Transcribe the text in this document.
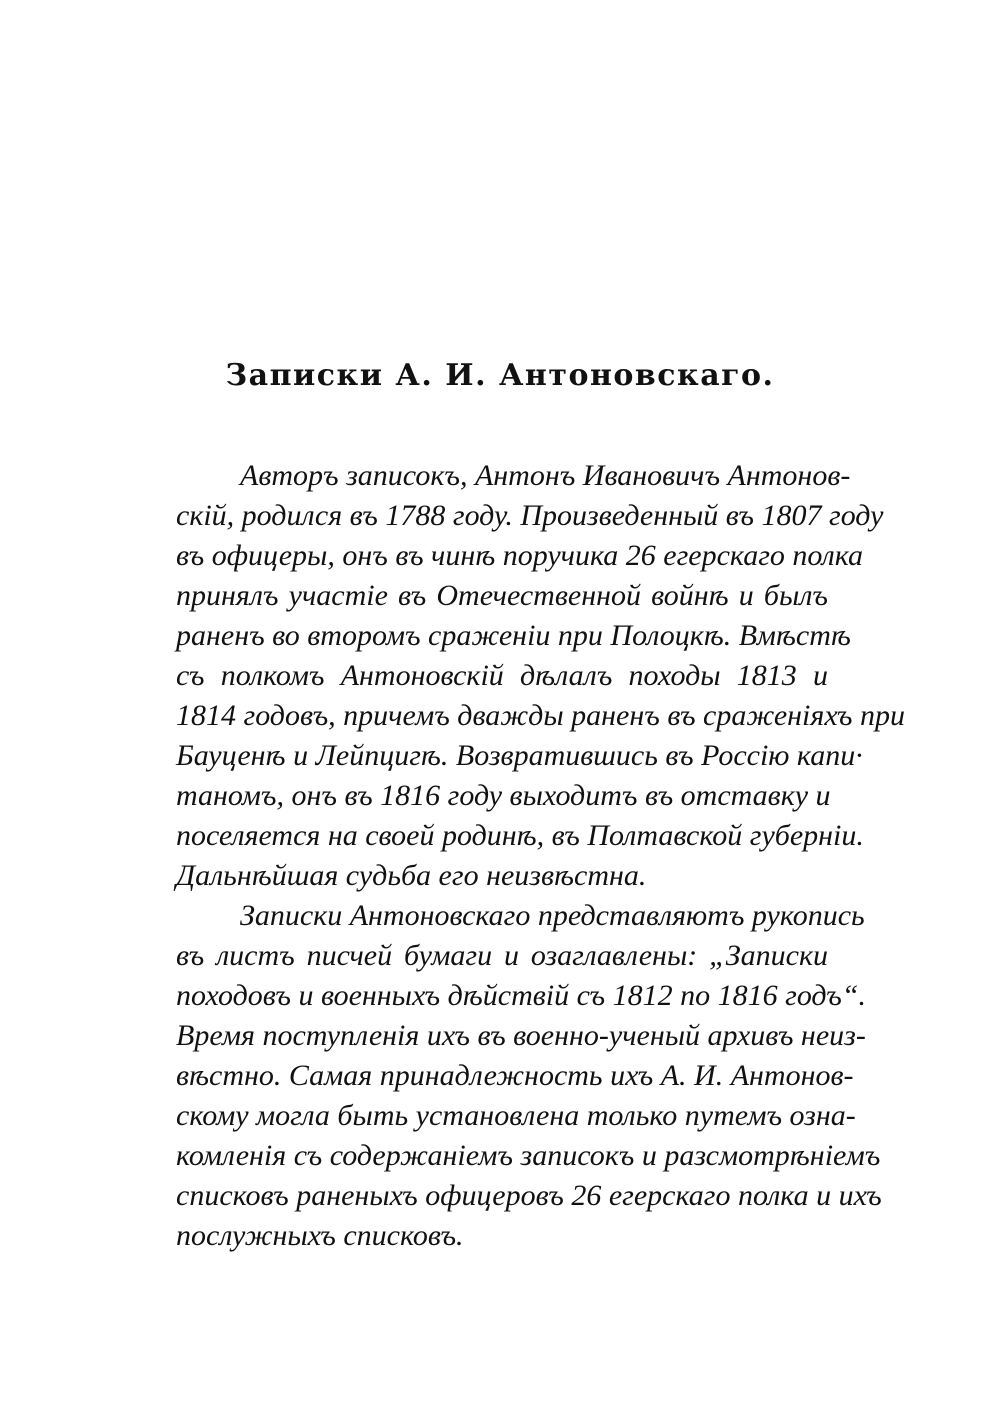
Записки А. И. Антоновскаго.

Авторъ записокъ, Антонъ Ивановичъ Антонов-

скій, родился въ 1788 году. Произведенный въ 1807 году

въ офицеры, онъ въ чинѣ поручика 26 егерскаго полка

принялъ участіе въ Отечественной войнѣ и былъ

раненъ во второмъ сраженіи при Полоцкѣ. Вмѣстѣ

съ полкомъ Антоновскій дѣлалъ походы 1813 и

1814 годовъ, причемъ дважды раненъ въ сраженіяхъ при

Бауценѣ и Лейпцигѣ. Возвратившись въ Россію капи·

таномъ, онъ въ 1816 году выходитъ въ отставку и

поселяется на своей родинѣ, въ Полтавской губерніи.

Дальнѣйшая судьба его неизвѣстна.

Записки Антоновскаго представляютъ рукопись

въ листъ писчей бумаги и озаглавлены: „Записки

походовъ и военныхъ дѣйствій съ 1812 по 1816 годъ“.

Время поступленія ихъ въ военно-ученый архивъ неиз-

вѣстно. Самая принадлежность ихъ А. И. Антонов-

скому могла быть установлена только путемъ озна-

комленія съ содержаніемъ записокъ и разсмотрѣніемъ

списковъ раненыхъ офицеровъ 26 егерскаго полка и ихъ

послужныхъ списковъ.
